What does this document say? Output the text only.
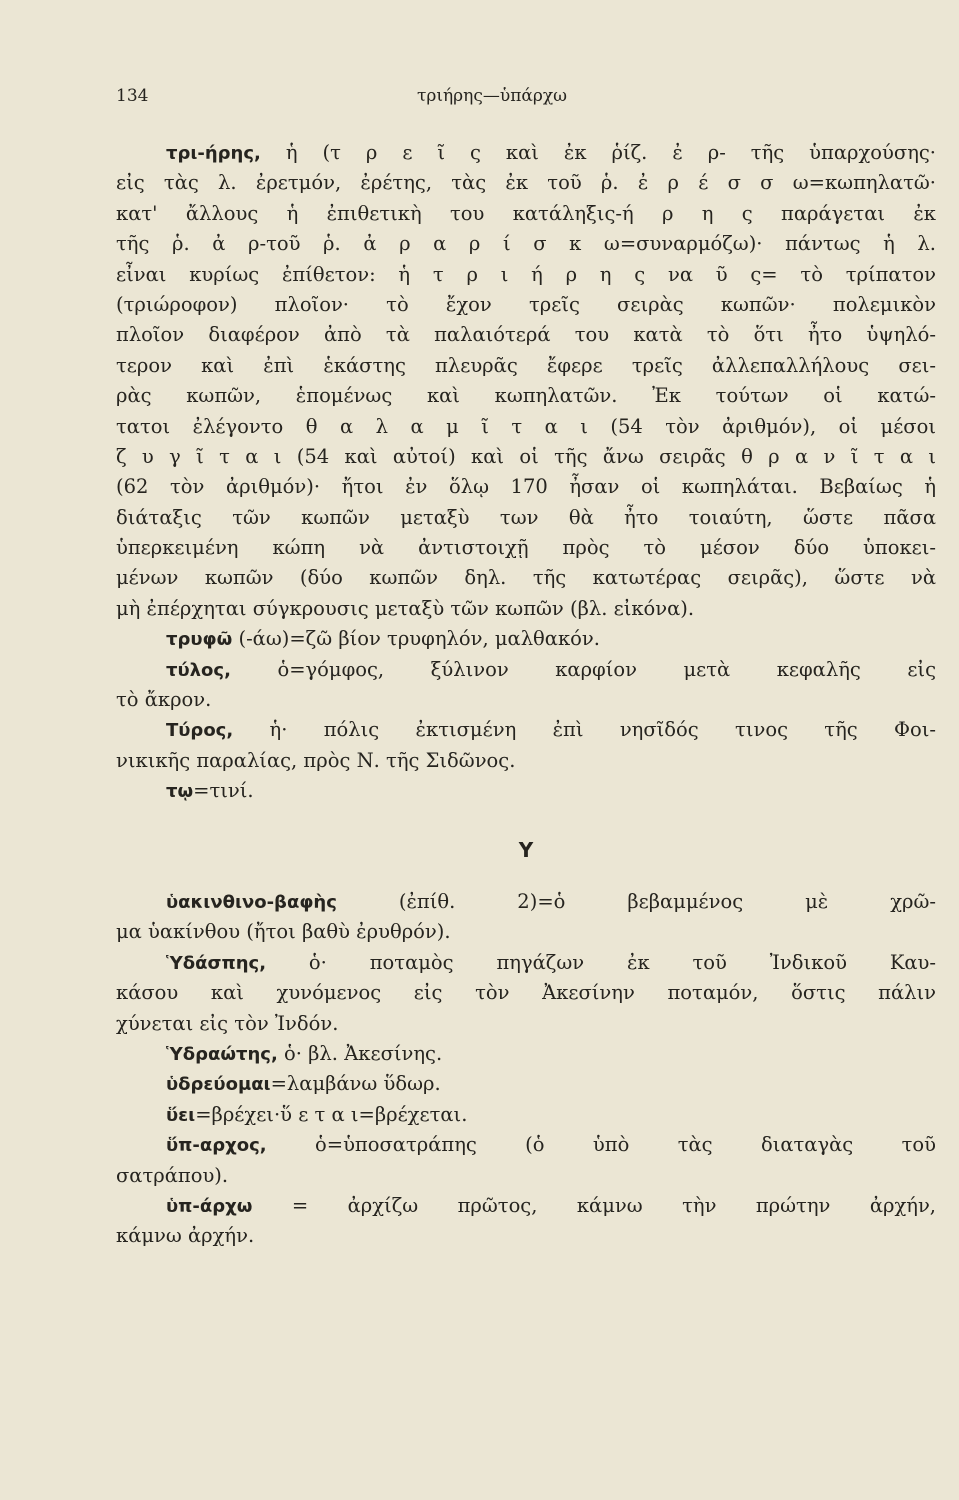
134	τριήρης—ὑπάρχω
τρι-ήρης, ἡ (τ ρ ε ῖ ς καὶ ἐκ ῥίζ. ἐ ρ- τῆς ὑπαρχούσης·
εἰς τὰς λ. ἐρετμόν, ἐρέτης, τὰς ἐκ τοῦ ῥ. ἐ ρ έ σ σ ω=κωπηλατῶ·
κατ' ἄλλους ἡ ἐπιθετικὴ του κατάληξις-ή ρ η ς παράγεται ἐκ
τῆς ῥ. ἀ ρ-τοῦ ῥ. ἀ ρ α ρ ί σ κ ω=συναρμόζω)· πάντως ἡ λ.
εἶναι κυρίως ἐπίθετον: ἡ τ ρ ι ή ρ η ς να ῦ ς= τὸ τρίπατον
(τριώροφον) πλοῖον· τὸ ἔχον τρεῖς σειρὰς κωπῶν· πολεμικὸν
πλοῖον διαφέρον ἀπὸ τὰ παλαιότερά του κατὰ τὸ ὅτι ἦτο ὑψηλό-
τερον καὶ ἐπὶ ἑκάστης πλευρᾶς ἔφερε τρεῖς ἀλλεπαλλήλους σει-
ρὰς κωπῶν, ἑπομένως καὶ κωπηλατῶν. Ἐκ τούτων οἱ κατώ-
τατοι ἐλέγοντο θ α λ α μ ῖ τ α ι (54 τὸν ἀριθμόν), οἱ μέσοι
ζ υ γ ῖ τ α ι (54 καὶ αὐτοί) καὶ οἱ τῆς ἄνω σειρᾶς θ ρ α ν ῖ τ α ι
(62 τὸν ἀριθμόν)· ἤτοι ἐν ὅλῳ 170 ἦσαν οἱ κωπηλάται. Βεβαίως ἡ
διάταξις τῶν κωπῶν μεταξὺ των θὰ ἦτο τοιαύτη, ὥστε πᾶσα
ὑπερκειμένη κώπη νὰ ἀντιστοιχῇ πρὸς τὸ μέσον δύο ὑποκει-
μένων κωπῶν (δύο κωπῶν δηλ. τῆς κατωτέρας σειρᾶς), ὥστε νὰ
μὴ ἐπέρχηται σύγκρουσις μεταξὺ τῶν κωπῶν (βλ. εἰκόνα).
τρυφῶ (-άω)=ζῶ βίον τρυφηλόν, μαλθακόν.
τύλος, ὁ=γόμφος, ξύλινον καρφίον μετὰ κεφαλῆς εἰς
τὸ ἄκρον.
Τύρος, ἡ· πόλις ἐκτισμένη ἐπὶ νησῖδός τινος τῆς Φοι-
νικικῆς παραλίας, πρὸς Ν. τῆς Σιδῶνος.
τῳ=τινί.
Υ
ὑακινθινο-βαφὴς (ἐπίθ. 2)=ὁ βεβαμμένος μὲ χρῶ-
μα ὑακίνθου (ἤτοι βαθὺ ἐρυθρόν).
Ὑδάσπης, ὁ· ποταμὸς πηγάζων ἐκ τοῦ Ἰνδικοῦ Καυ-
κάσου καὶ χυνόμενος εἰς τὸν Ἀκεσίνην ποταμόν, ὅστις πάλιν
χύνεται εἰς τὸν Ἰνδόν.
Ὑδραώτης, ὁ· βλ. Ἀκεσίνης.
ὑδρεύομαι=λαμβάνω ὕδωρ.
ὕει=βρέχει·ὕ ε τ α ι=βρέχεται.
ὕπ-αρχος, ὁ=ὑποσατράπης (ὁ ὑπὸ τὰς διαταγὰς τοῦ
σατράπου).
ὑπ-άρχω = ἀρχίζω πρῶτος, κάμνω τὴν πρώτην ἀρχήν,
κάμνω ἀρχήν.
